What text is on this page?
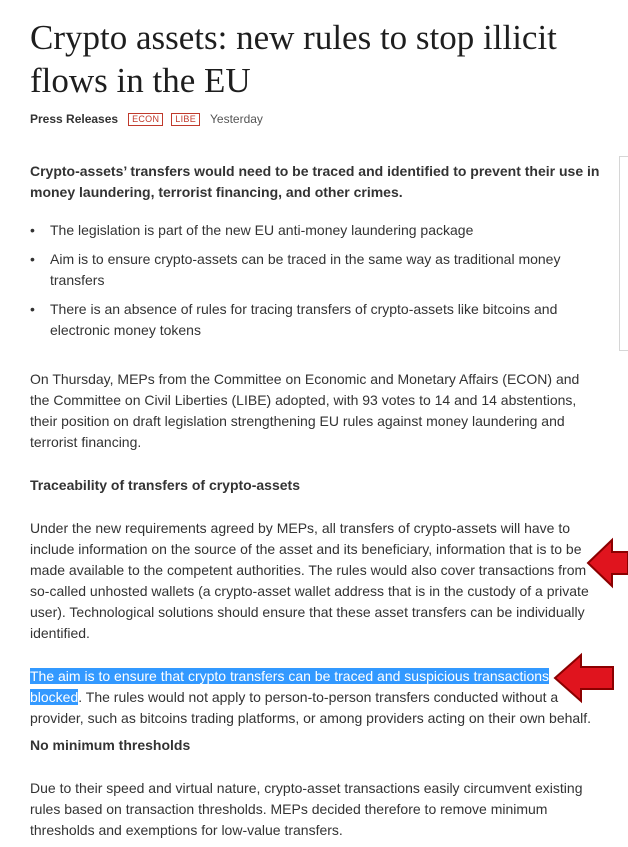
Crypto assets: new rules to stop illicit flows in the EU
Press Releases	ECON	LIBE	Yesterday
Crypto-assets’ transfers would need to be traced and identified to prevent their use in money laundering, terrorist financing, and other crimes.
• The legislation is part of the new EU anti-money laundering package
• Aim is to ensure crypto-assets can be traced in the same way as traditional money transfers
• There is an absence of rules for tracing transfers of crypto-assets like bitcoins and electronic money tokens

On Thursday, MEPs from the Committee on Economic and Monetary Affairs (ECON) and the Committee on Civil Liberties (LIBE) adopted, with 93 votes to 14 and 14 abstentions, their position on draft legislation strengthening EU rules against money laundering and terrorist financing.

Traceability of transfers of crypto-assets

Under the new requirements agreed by MEPs, all transfers of crypto-assets will have to include information on the source of the asset and its beneficiary, information that is to be made available to the competent authorities. The rules would also cover transactions from so-called unhosted wallets (a crypto-asset wallet address that is in the custody of a private user). Technological solutions should ensure that these asset transfers can be individually identified.

The aim is to ensure that crypto transfers can be traced and suspicious transactions blocked. The rules would not apply to person-to-person transfers conducted without a provider, such as bitcoins trading platforms, or among providers acting on their own behalf.

No minimum thresholds

Due to their speed and virtual nature, crypto-asset transactions easily circumvent existing rules based on transaction thresholds. MEPs decided therefore to remove minimum thresholds and exemptions for low-value transfers.
